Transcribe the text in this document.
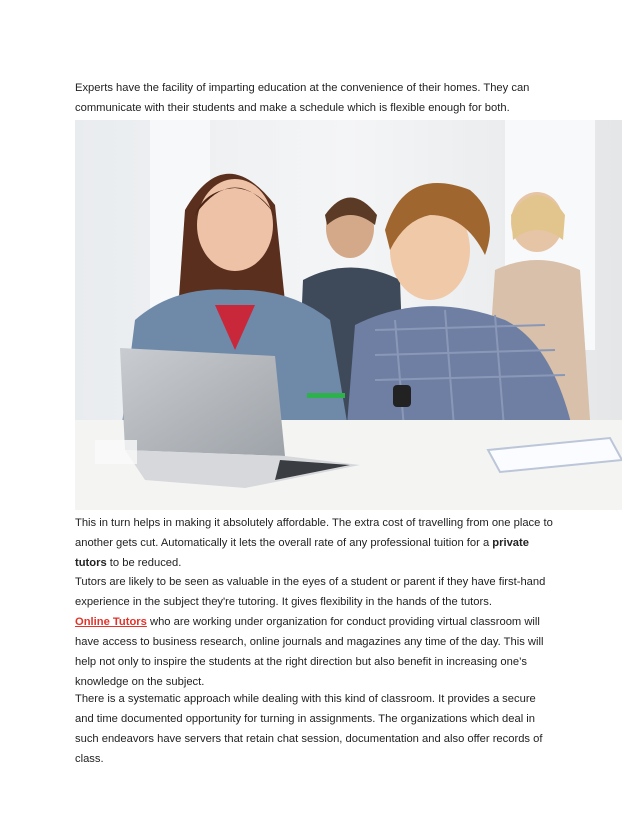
Experts have the facility of imparting education at the convenience of their homes. They can communicate with their students and make a schedule which is flexible enough for both.

This in turn helps in making it absolutely affordable. The extra cost of travelling from one place to another gets cut. Automatically it lets the overall rate of any professional tuition for a private tutors to be reduced.

Tutors are likely to be seen as valuable in the eyes of a student or parent if they have first-hand experience in the subject they're tutoring. It gives flexibility in the hands of the tutors.

Online Tutors who are working under organization for conduct providing virtual classroom will have access to business research, online journals and magazines any time of the day. This will help not only to inspire the students at the right direction but also benefit in increasing one’s knowledge on the subject.

There is a systematic approach while dealing with this kind of classroom. It provides a secure and time documented opportunity for turning in assignments. The organizations which deal in such endeavors have servers that retain chat session, documentation and also offer records of class.
